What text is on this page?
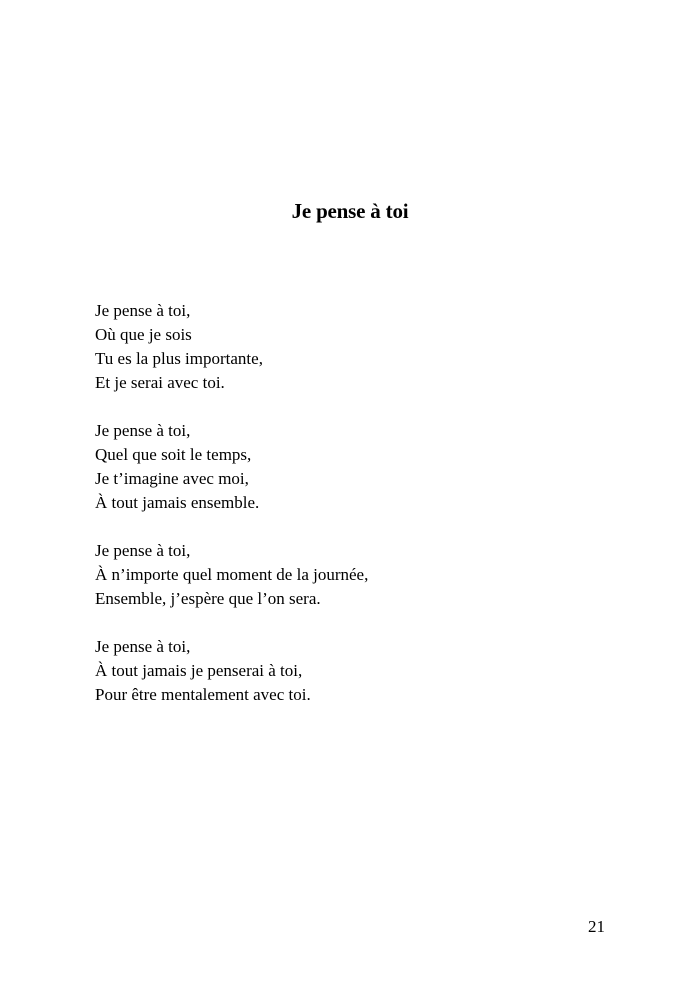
Je pense à toi
Je pense à toi,
Où que je sois
Tu es la plus importante,
Et je serai avec toi.
Je pense à toi,
Quel que soit le temps,
Je t’imagine avec moi,
À tout jamais ensemble.
Je pense à toi,
À n’importe quel moment de la journée,
Ensemble, j’espère que l’on sera.
Je pense à toi,
À tout jamais je penserai à toi,
Pour être mentalement avec toi.
21
